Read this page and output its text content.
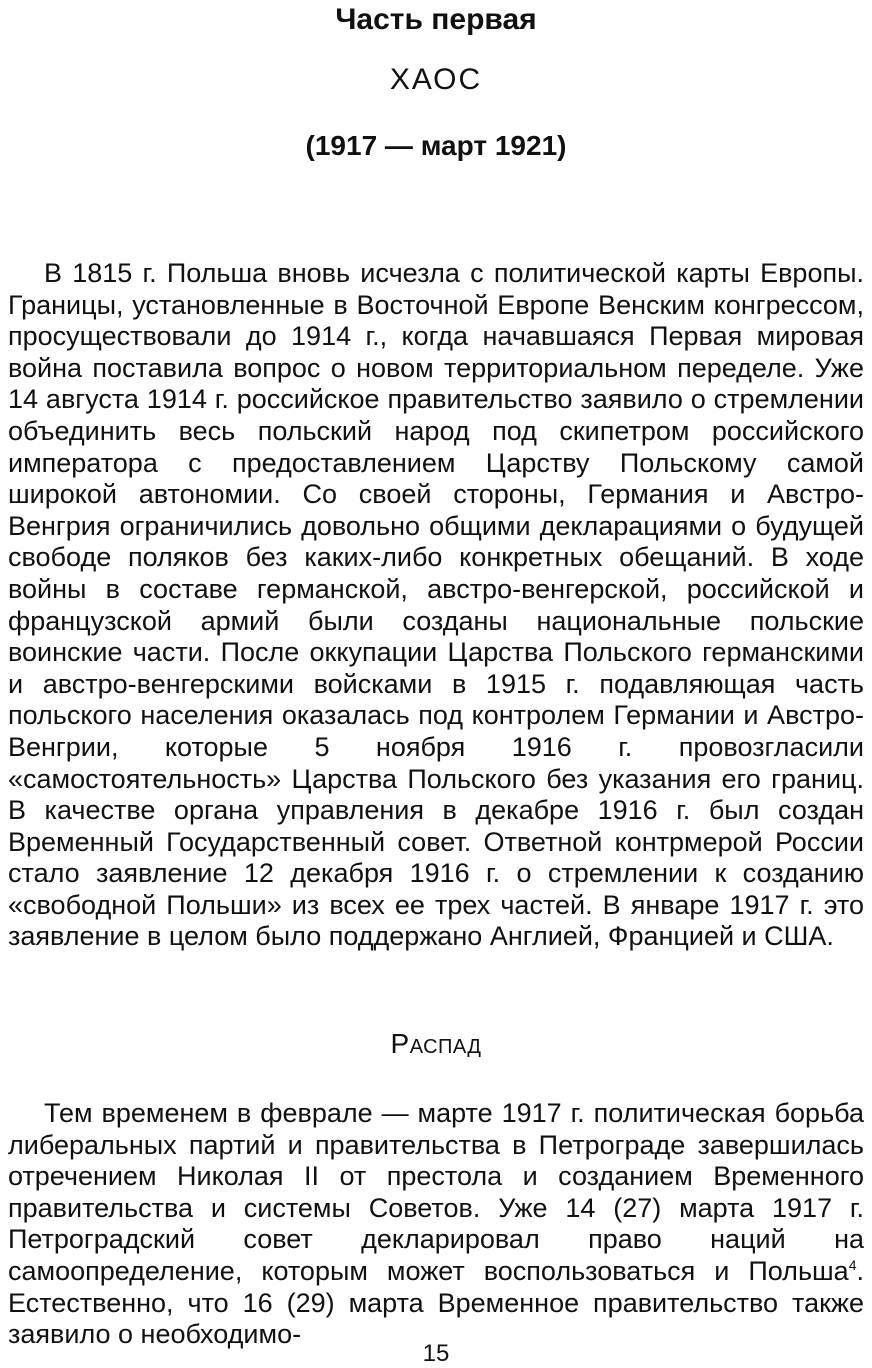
Часть первая
ХАОС
(1917 — март 1921)

В 1815 г. Польша вновь исчезла с политической карты Европы. Границы, установленные в Восточной Европе Венским конгрессом, просуществовали до 1914 г., когда начавшаяся Первая мировая война поставила вопрос о новом территориальном переделе. Уже 14 августа 1914 г. российское правительство заявило о стремлении объединить весь польский народ под скипетром российского императора с предоставлением Царству Польскому самой широкой автономии. Со своей стороны, Германия и Австро-Венгрия ограничились довольно общими декларациями о будущей свободе поляков без каких-либо конкретных обещаний. В ходе войны в составе германской, австро-венгерской, российской и французской армий были созданы национальные польские воинские части. После оккупации Царства Польского германскими и австро-венгерскими войсками в 1915 г. подавляющая часть польского населения оказалась под контролем Германии и Австро-Венгрии, которые 5 ноября 1916 г. провозгласили «самостоятельность» Царства Польского без указания его границ. В качестве органа управления в декабре 1916 г. был создан Временный Государственный совет. Ответной контрмерой России стало заявление 12 декабря 1916 г. о стремлении к созданию «свободной Польши» из всех ее трех частей. В январе 1917 г. это заявление в целом было поддержано Англией, Францией и США.

Распад

Тем временем в феврале — марте 1917 г. политическая борьба либеральных партий и правительства в Петрограде завершилась отречением Николая II от престола и созданием Временного правительства и системы Советов. Уже 14 (27) марта 1917 г. Петроградский совет декларировал право наций на самоопределение, которым может воспользоваться и Польша$^4$. Естественно, что 16 (29) марта Временное правительство также заявило о необходимо-

15
